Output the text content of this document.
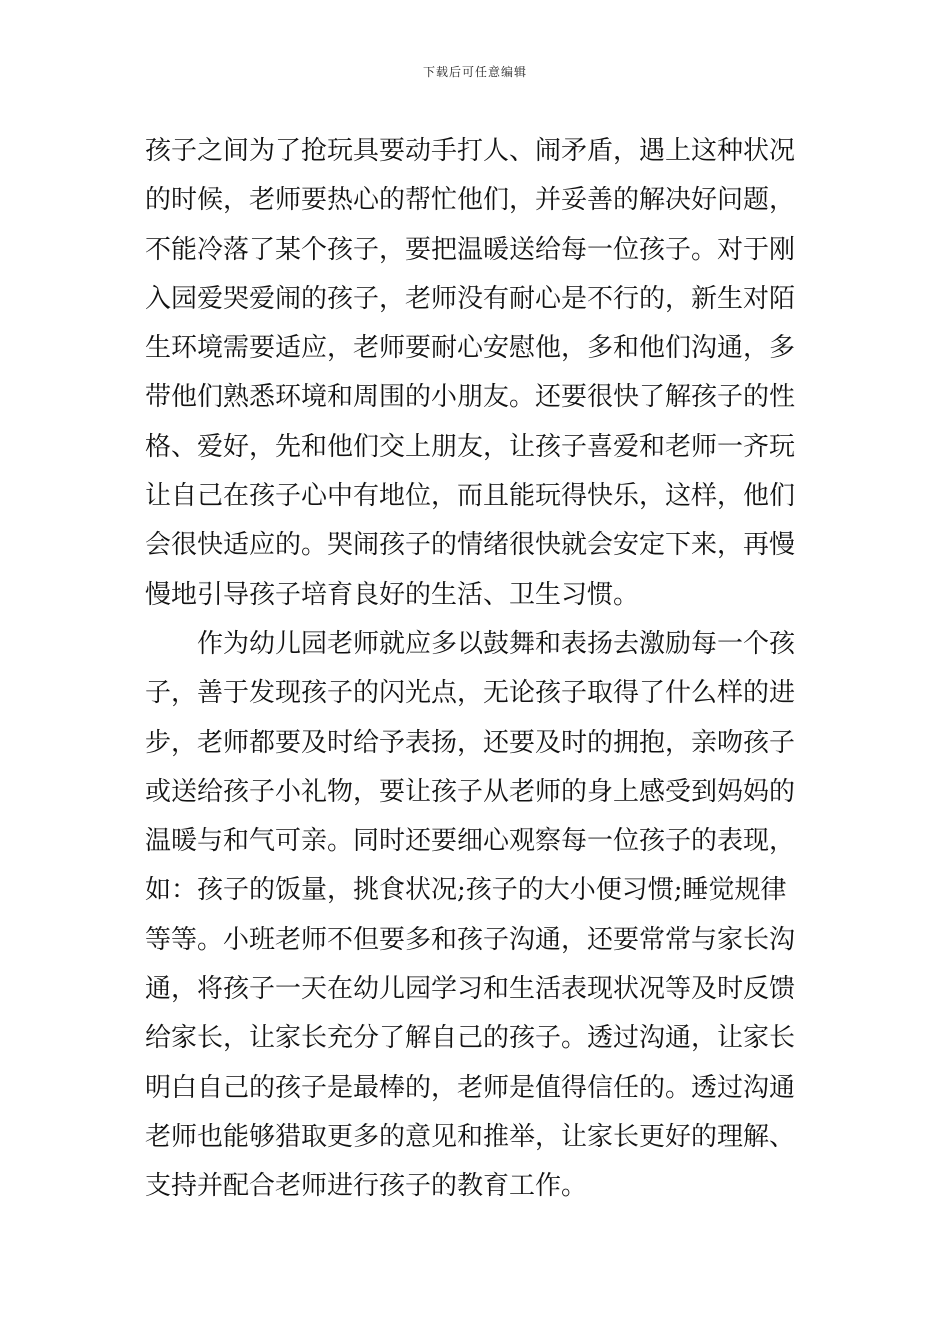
下载后可任意编辑
孩子之间为了抢玩具要动手打人、闹矛盾，遇上这种状况
的时候，老师要热心的帮忙他们，并妥善的解决好问题，
不能冷落了某个孩子，要把温暖送给每一位孩子。对于刚
入园爱哭爱闹的孩子，老师没有耐心是不行的，新生对陌
生环境需要适应，老师要耐心安慰他，多和他们沟通，多
带他们熟悉环境和周围的小朋友。还要很快了解孩子的性
格、爱好，先和他们交上朋友，让孩子喜爱和老师一齐玩
让自己在孩子心中有地位，而且能玩得快乐，这样，他们
会很快适应的。哭闹孩子的情绪很快就会安定下来，再慢
慢地引导孩子培育良好的生活、卫生习惯。
作为幼儿园老师就应多以鼓舞和表扬去激励每一个孩
子，善于发现孩子的闪光点，无论孩子取得了什么样的进
步，老师都要及时给予表扬，还要及时的拥抱，亲吻孩子
或送给孩子小礼物，要让孩子从老师的身上感受到妈妈的
温暖与和气可亲。同时还要细心观察每一位孩子的表现，
如：孩子的饭量，挑食状况;孩子的大小便习惯;睡觉规律
等等。小班老师不但要多和孩子沟通，还要常常与家长沟
通，将孩子一天在幼儿园学习和生活表现状况等及时反馈
给家长，让家长充分了解自己的孩子。透过沟通，让家长
明白自己的孩子是最棒的，老师是值得信任的。透过沟通
老师也能够猎取更多的意见和推举，让家长更好的理解、
支持并配合老师进行孩子的教育工作。
